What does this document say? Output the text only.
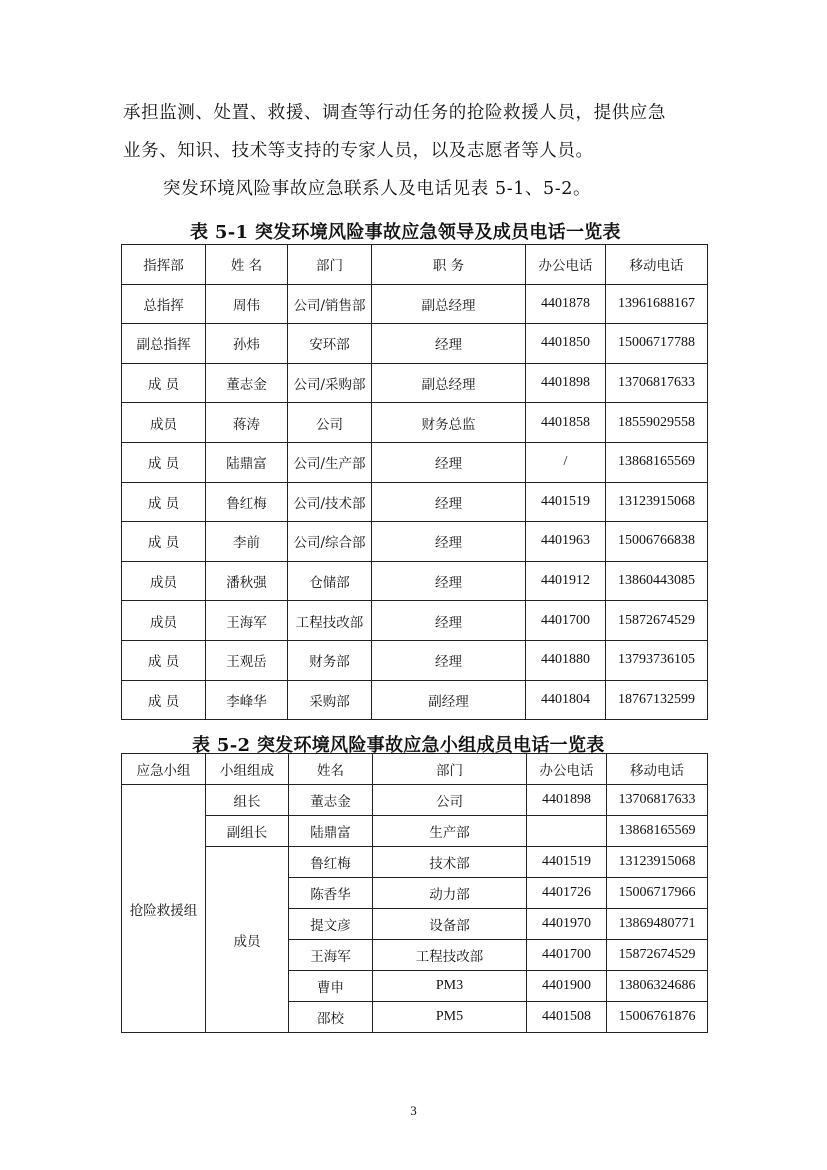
承担监测、处置、救援、调查等行动任务的抢险救援人员，提供应急
业务、知识、技术等支持的专家人员，以及志愿者等人员。
突发环境风险事故应急联系人及电话见表 5-1、5-2。
表 5-1 突发环境风险事故应急领导及成员电话一览表
指挥部	姓 名	部门	职 务	办公电话	移动电话
总指挥	周伟	公司/销售部	副总经理	4401878	13961688167
副总指挥	孙炜	安环部	经理	4401850	15006717788
成 员	董志金	公司/采购部	副总经理	4401898	13706817633
成员	蒋涛	公司	财务总监	4401858	18559029558
成 员	陆鼎富	公司/生产部	经理	/	13868165569
成 员	鲁红梅	公司/技术部	经理	4401519	13123915068
成 员	李前	公司/综合部	经理	4401963	15006766838
成员	潘秋强	仓储部	经理	4401912	13860443085
成员	王海军	工程技改部	经理	4401700	15872674529
成 员	王观岳	财务部	经理	4401880	13793736105
成 员	李峰华	采购部	副经理	4401804	18767132599
表 5-2 突发环境风险事故应急小组成员电话一览表
应急小组	小组组成	姓名	部门	办公电话	移动电话
抢险救援组	组长	董志金	公司	4401898	13706817633
	副组长	陆鼎富	生产部		13868165569
	成员	鲁红梅	技术部	4401519	13123915068
		陈香华	动力部	4401726	15006717966
		提文彦	设备部	4401970	13869480771
		王海军	工程技改部	4401700	15872674529
		曹申	PM3	4401900	13806324686
		邵校	PM5	4401508	15006761876
3
